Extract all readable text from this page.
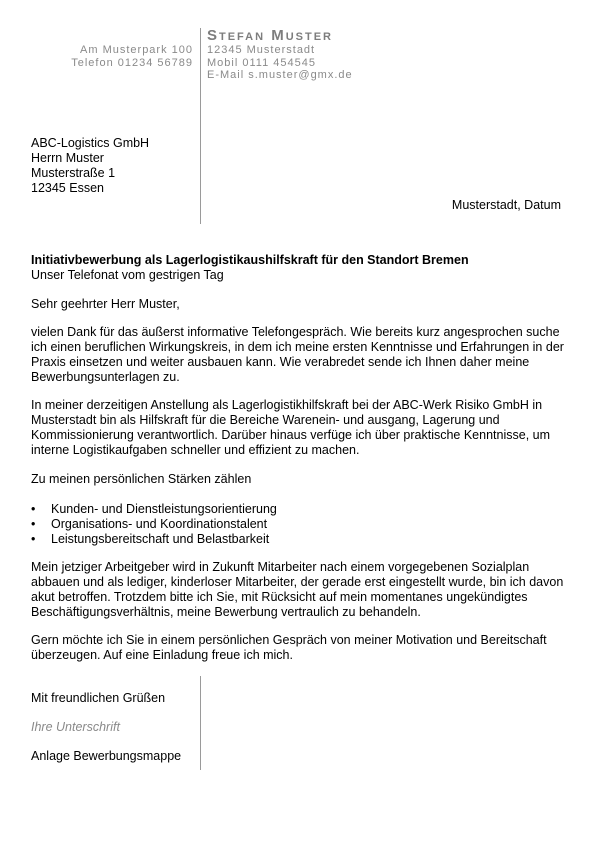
Stefan Muster
Am Musterpark 100
Telefon 01234 56789
12345 Musterstadt
Mobil 0111 454545
E-Mail s.muster@gmx.de
ABC-Logistics GmbH
Herrn Muster
Musterstraße 1
12345 Essen
Musterstadt, Datum
Initiativbewerbung als Lagerlogistikaushilfskraft für den Standort Bremen
Unser Telefonat vom gestrigen Tag
Sehr geehrter Herr Muster,

vielen Dank für das äußerst informative Telefongespräch. Wie bereits kurz angesprochen suche ich einen beruflichen Wirkungskreis, in dem ich meine ersten Kenntnisse und Erfahrungen in der Praxis einsetzen und weiter ausbauen kann. Wie verabredet sende ich Ihnen daher meine Bewerbungsunterlagen zu.

In meiner derzeitigen Anstellung als Lagerlogistikhilfskraft bei der ABC-Werk Risiko GmbH in Musterstadt bin als Hilfskraft für die Bereiche Warenein- und ausgang, Lagerung und Kommissionierung verantwortlich. Darüber hinaus verfüge ich über praktische Kenntnisse, um interne Logistikaufgaben schneller und effizient zu machen.

Zu meinen persönlichen Stärken zählen

• Kunden- und Dienstleistungsorientierung
• Organisations- und Koordinationstalent
• Leistungsbereitschaft und Belastbarkeit

Mein jetziger Arbeitgeber wird in Zukunft Mitarbeiter nach einem vorgegebenen Sozialplan abbauen und als lediger, kinderloser Mitarbeiter, der gerade erst eingestellt wurde, bin ich davon akut betroffen. Trotzdem bitte ich Sie, mit Rücksicht auf mein momentanes ungekündigtes Beschäftigungsverhältnis, meine Bewerbung vertraulich zu behandeln.

Gern möchte ich Sie in einem persönlichen Gespräch von meiner Motivation und Bereitschaft überzeugen. Auf eine Einladung freue ich mich.

Mit freundlichen Grüßen
Ihre Unterschrift
Anlage Bewerbungsmappe
